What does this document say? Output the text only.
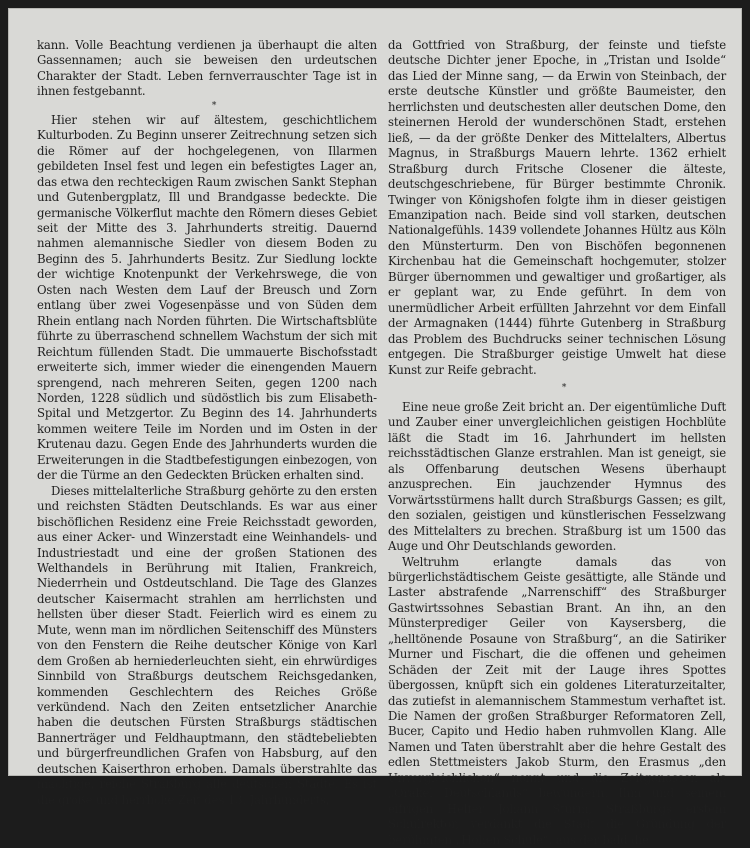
kann. Volle Beachtung verdienen ja überhaupt die alten Gassennamen; auch sie beweisen den urdeutschen Charakter der Stadt. Leben fernverrauschter Tage ist in ihnen festgebannt.

*

Hier stehen wir auf ältestem, geschichtlichem Kulturboden. Zu Beginn unserer Zeitrechnung setzen sich die Römer auf der hochgelegenen, von Illarmen gebildeten Insel fest und legen ein befestigtes Lager an, das etwa den rechteckigen Raum zwischen Sankt Stephan und Gutenbergplatz, Ill und Brandgasse bedeckte. Die germanische Völkerflut machte den Römern dieses Gebiet seit der Mitte des 3. Jahrhunderts streitig. Dauernd nahmen alemannische Siedler von diesem Boden zu Beginn des 5. Jahrhunderts Besitz. Zur Siedlung lockte der wichtige Knotenpunkt der Verkehrswege, die von Osten nach Westen dem Lauf der Breusch und Zorn entlang über zwei Vogesenpässe und von Süden dem Rhein entlang nach Norden führten. Die Wirtschaftsblüte führte zu überraschend schnellem Wachstum der sich mit Reichtum füllenden Stadt. Die ummauerte Bischofsstadt erweiterte sich, immer wieder die einengenden Mauern sprengend, nach mehreren Seiten, gegen 1200 nach Norden, 1228 südlich und südöstlich bis zum Elisabeth-Spital und Metzgertor. Zu Beginn des 14. Jahrhunderts kommen weitere Teile im Norden und im Osten in der Krutenau dazu. Gegen Ende des Jahrhunderts wurden die Erweiterungen in die Stadtbefestigungen einbezogen, von der die Türme an den Gedeckten Brücken erhalten sind.

Dieses mittelalterliche Straßburg gehörte zu den ersten und reichsten Städten Deutschlands. Es war aus einer bischöflichen Residenz eine Freie Reichsstadt geworden, aus einer Acker- und Winzerstadt eine Weinhandels- und Industriestadt und eine der großen Stationen des Welthandels in Berührung mit Italien, Frankreich, Niederrhein und Ostdeutschland. Die Tage des Glanzes deutscher Kaisermacht strahlen am herrlichsten und hellsten über dieser Stadt. Feierlich wird es einem zu Mute, wenn man im nördlichen Seitenschiff des Münsters von den Fenstern die Reihe deutscher Könige von Karl dem Großen ab herniederleuchten sieht, ein ehrwürdiges Sinnbild von Straßburgs deutschem Reichsgedanken, kommenden Geschlechtern des Reiches Größe verkündend. Nach den Zeiten entsetzlicher Anarchie haben die deutschen Fürsten Straßburgs städtischen Bannerträger und Feldhauptmann, den städtebeliebten und bürgerfreundlichen Grafen von Habsburg, auf den deutschen Kaiserthron erhoben. Damals überstrahlte das mächtige, reiche Straßburg alle deutschen Städte. Es ist die große und herrliche Zeit des 13. Jahrhunderts,

da Gottfried von Straßburg, der feinste und tiefste deutsche Dichter jener Epoche, in „Tristan und Isolde“ das Lied der Minne sang, — da Erwin von Steinbach, der erste deutsche Künstler und größte Baumeister, den herrlichsten und deutschesten aller deutschen Dome, den steinernen Herold der wunderschönen Stadt, erstehen ließ, — da der größte Denker des Mittelalters, Albertus Magnus, in Straßburgs Mauern lehrte. 1362 erhielt Straßburg durch Fritsche Closener die älteste, deutschgeschriebene, für Bürger bestimmte Chronik. Twinger von Königshofen folgte ihm in dieser geistigen Emanzipation nach. Beide sind voll starken, deutschen Nationalgefühls. 1439 vollendete Johannes Hültz aus Köln den Münsterturm. Den von Bischöfen begonnenen Kirchenbau hat die Gemeinschaft hochgemuter, stolzer Bürger übernommen und gewaltiger und großartiger, als er geplant war, zu Ende geführt. In dem von unermüdlicher Arbeit erfüllten Jahrzehnt vor dem Einfall der Armagnaken (1444) führte Gutenberg in Straßburg das Problem des Buchdrucks seiner technischen Lösung entgegen. Die Straßburger geistige Umwelt hat diese Kunst zur Reife gebracht.

*

Eine neue große Zeit bricht an. Der eigentümliche Duft und Zauber einer unvergleichlichen geistigen Hochblüte läßt die Stadt im 16. Jahrhundert im hellsten reichsstädtischen Glanze erstrahlen. Man ist geneigt, sie als Offenbarung deutschen Wesens überhaupt anzusprechen. Ein jauchzender Hymnus des Vorwärtsstürmens hallt durch Straßburgs Gassen; es gilt, den sozialen, geistigen und künstlerischen Fesselzwang des Mittelalters zu brechen. Straßburg ist um 1500 das Auge und Ohr Deutschlands geworden.

Weltruhm erlangte damals das von bürgerlichstädtischem Geiste gesättigte, alle Stände und Laster abstrafende „Narrenschiff“ des Straßburger Gastwirtssohnes Sebastian Brant. An ihn, an den Münsterprediger Geiler von Kaysersberg, die „helltönende Posaune von Straßburg“, an die Satiriker Murner und Fischart, die die offenen und geheimen Schäden der Zeit mit der Lauge ihres Spottes übergossen, knüpft sich ein goldenes Literaturzeitalter, das zutiefst in alemannischem Stammestum verhaftet ist. Die Namen der großen Straßburger Reformatoren Zell, Bucer, Capito und Hedio haben ruhmvollen Klang. Alle Namen und Taten überstrahlt aber die hehre Gestalt des edlen Stettmeisters Jakob Sturm, den Erasmus „den Unvergleichlichen“ nennt und die Zeitgenossen als „Orakel Deutschlands“ bewundern. Ihm und seinem eifrigen Helfer Johann Sturm, Straßburgs erstem Schulrektor, verdankt die Stadt die Gründung der berühmten „Hohen Schule“, aus der bald die
